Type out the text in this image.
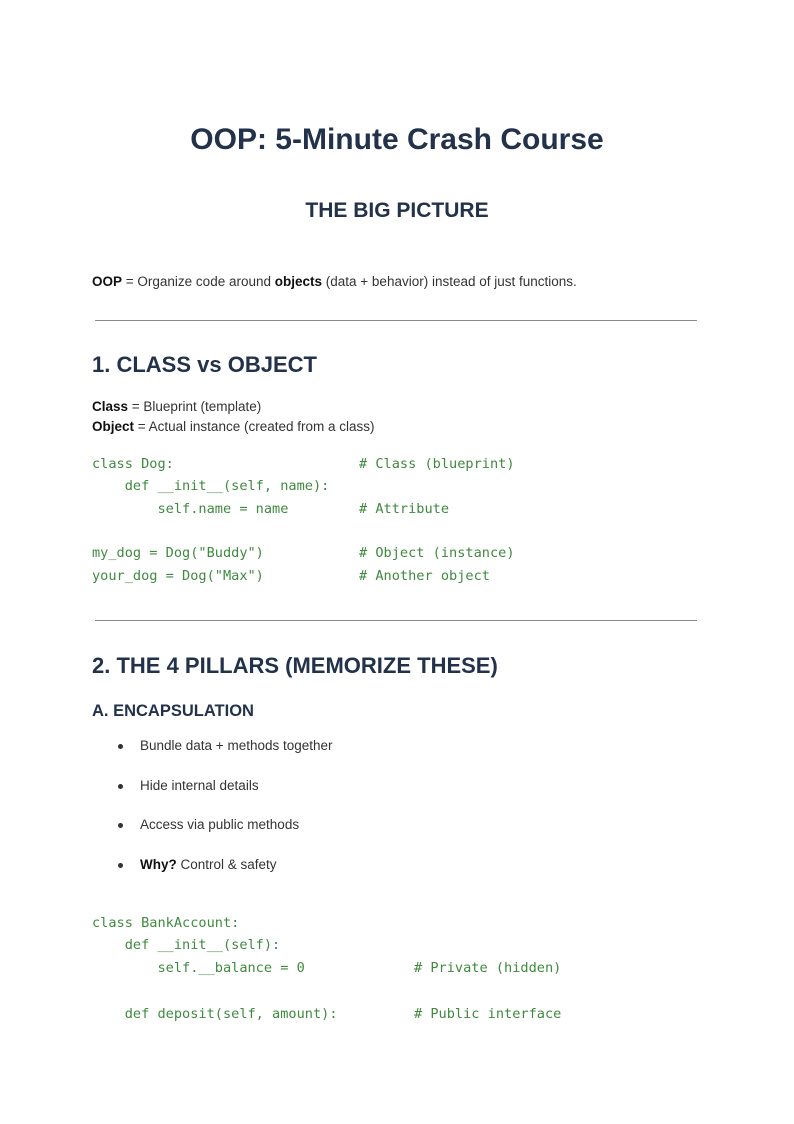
OOP: 5-Minute Crash Course
THE BIG PICTURE

OOP = Organize code around objects (data + behavior) instead of just functions.

1. CLASS vs OBJECT

Class = Blueprint (template)

Object = Actual instance (created from a class)

class Dog:

	# Class (blueprint)

def __init__(self, name):

self.name = name

	# Attribute

my_dog = Dog("Buddy")

	# Object (instance)

your_dog = Dog("Max")

	# Another object

2. THE 4 PILLARS (MEMORIZE THESE)
A. ENCAPSULATION
Bundle data + methods together
Hide internal details
Access via public methods
Why? Control & safety

class BankAccount:

def __init__(self):

self.__balance = 0

	# Private (hidden)

def deposit(self, amount):

	# Public interface
